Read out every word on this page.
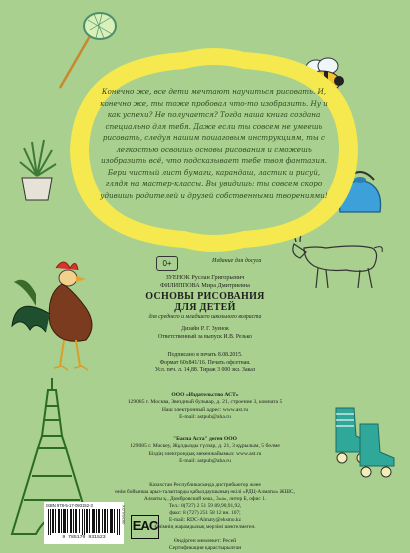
Конечно же, все дети мечтают научиться рисовать. И, конечно же, ты тоже пробовал что-то изобразить. Ну и как успехи? Не получается? Тогда наша книга создана специально для тебя. Даже если ты совсем не умеешь рисовать, следуя нашим пошаговым инструкциям, ты с легкостью освоишь основы рисования и сможешь изобразить всё, что подсказывает тебе твоя фантазия. Бери чистый лист бумаги, карандаш, ластик и рисуй, глядя на мастер-классы. Вы увидишь: ты совсем скоро удивишь родителей и друзей собственными творениями!

0+	Издание для досуга
ЗУЕНОК Руслан Григорьевич
ФИЛИППОВА Мира Дмитриевна
ОСНОВЫ РИСОВАНИЯ
ДЛЯ ДЕТЕЙ
для среднего и младшего школьного возраста
Дизайн Р. Г. Зуенок
Ответственный за выпуск И.В. Резько
Подписано в печать 8.08.2015.
Формат 60х841/16. Печать офсетная.
Усл. печ. л. 14,88. Тираж 3 000 экз. Заказ
ООО «Издательство АСТ»
129085 г. Москва, Звездный бульвар, д. 21, строение 3, комната 5
Наш электронный адрес: www.ast.ru
E-mail: astpub@aha.ru
"Баспа Аста" деген ООО
129085 г. Мәскеу, Жұлдызды гүлзар, д. 21, 3 құрылым, 5 бөлме
Біздің электрондық мекенжайымыз: www.ast.ru
E-mail: astpub@aha.ru
Казахстан Республикасында дистрибьютор және
өнім бойынша арыз-талаптарды қабылдаушының өкілі «РДЦ-Алматы» ЖШС,
Алматы қ., Домбровский көш., 3«а», литер Б, офис 1.
Тел.: 8(727) 2 51 59 89,90,91,92,
факс: 8 (727) 251 58 12 вн. 107;
E-mail: RDC-Almaty@eksmo.kz
Өнімнің жарамдылық мерзімі шектелмеген.
Өндірген мемлекет: Ресей
Сертификация қарастырылған
ISBN 978-5-17-093152-3
9 785170 931523
0926VLDX
EAC
